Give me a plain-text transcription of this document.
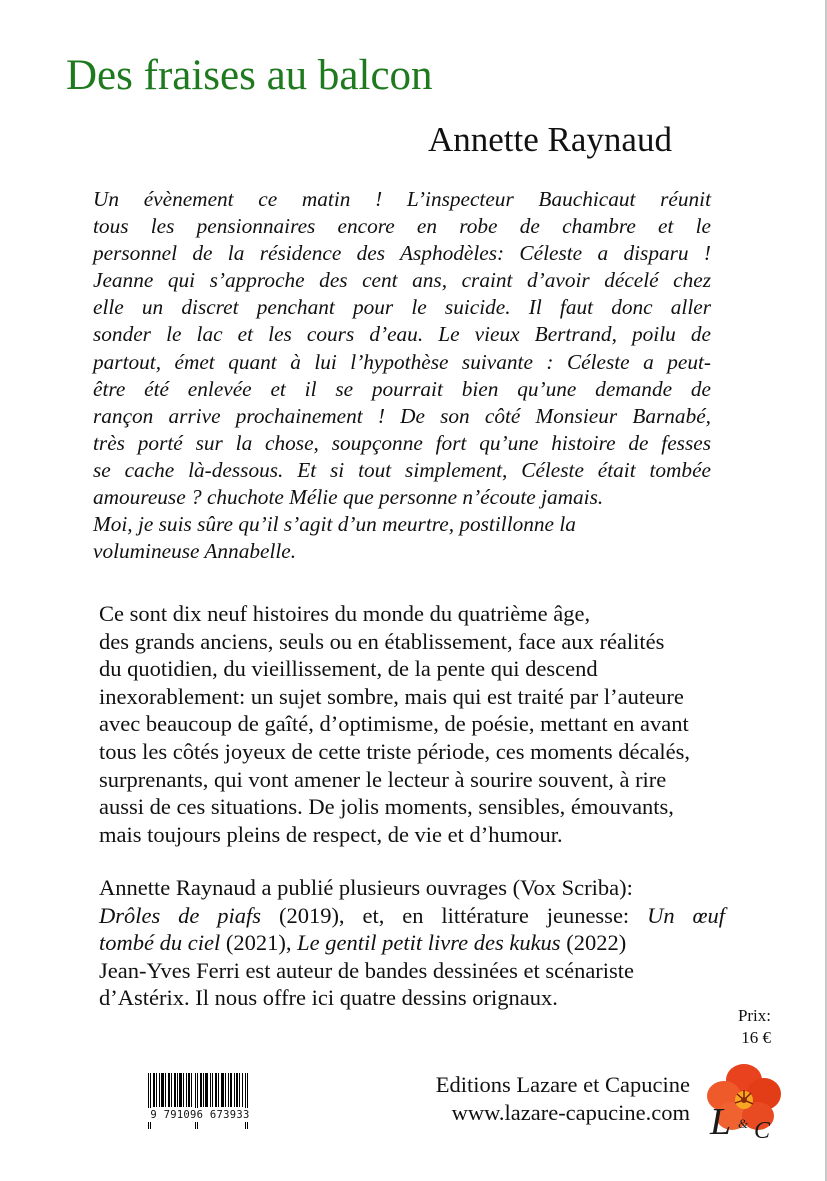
Des fraises au balcon
Annette Raynaud
Un évènement ce matin ! L’inspecteur Bauchicaut réunit
tous les pensionnaires encore en robe de chambre et le
personnel de la résidence des Asphodèles: Céleste a disparu !
Jeanne qui s’approche des cent ans, craint d’avoir décelé chez
elle un discret penchant pour le suicide. Il faut donc aller
sonder le lac et les cours d’eau. Le vieux Bertrand, poilu de
partout, émet quant à lui l’hypothèse suivante : Céleste a peut-
être été enlevée et il se pourrait bien qu’une demande de
rançon arrive prochainement ! De son côté Monsieur Barnabé,
très porté sur la chose, soupçonne fort qu’une histoire de fesses
se cache là-dessous. Et si tout simplement, Céleste était tombée
amoureuse ? chuchote Mélie que personne n’écoute jamais.
Moi, je suis sûre qu’il s’agit d’un meurtre, postillonne la
volumineuse Annabelle.
Ce sont dix neuf histoires du monde du quatrième âge,
des grands anciens, seuls ou en établissement, face aux réalités
du quotidien, du vieillissement, de la pente qui descend
inexorablement: un sujet sombre, mais qui est traité par l’auteure
avec beaucoup de gaîté, d’optimisme, de poésie, mettant en avant
tous les côtés joyeux de cette triste période, ces moments décalés,
surprenants, qui vont amener le lecteur à sourire souvent, à rire
aussi de ces situations. De jolis moments, sensibles, émouvants,
mais toujours pleins de respect, de vie et d’humour.
Annette Raynaud a publié plusieurs ouvrages (Vox Scriba):
Drôles de piafs (2019), et, en littérature jeunesse: Un œuf
tombé du ciel (2021), Le gentil petit livre des kukus (2022)
Jean-Yves Ferri est auteur de bandes dessinées et scénariste
d’Astérix. Il nous offre ici quatre dessins orignaux.
Prix:
16 €
9 791096 673933
Editions Lazare et Capucine
www.lazare-capucine.com L & C
